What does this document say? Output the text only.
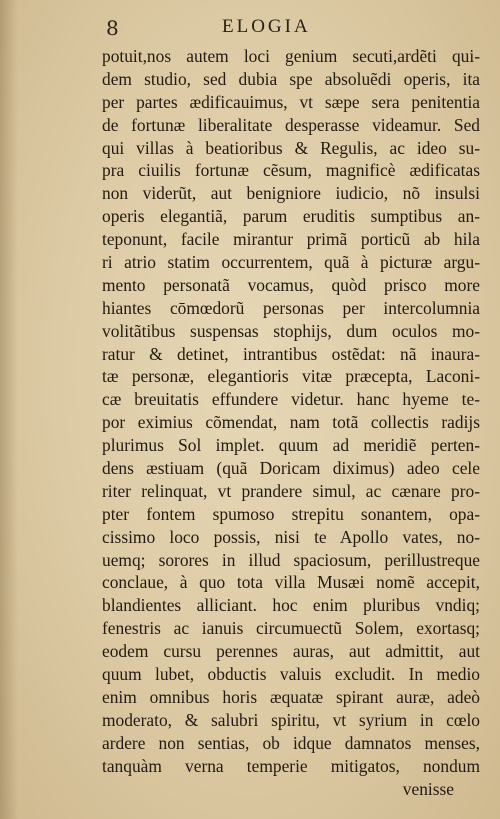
8	ELOGIA
potuit,nos autem loci genium secuti,ardẽti qui-
dem studio, sed dubia spe absoluẽdi operis, ita
per partes ædificauimus, vt sæpe sera penitentia
de fortunæ liberalitate desperasse videamur. Sed
qui villas à beatioribus & Regulis, ac ideo su-
pra ciuilis fortunæ cẽsum, magnificè ædificatas
non viderũt, aut benigniore iudicio, nõ insulsi
operis elegantiã, parum eruditis sumptibus an-
teponunt, facile mirantur primã porticũ ab hila
ri atrio statim occurrentem, quã à picturæ argu-
mento personatã vocamus, quòd prisco more
hiantes cōmœdorũ personas per intercolumnia
volitãtibus suspensas stophijs, dum oculos mo-
ratur & detinet, intrantibus ostẽdat: nã inaura-
tæ personæ, elegantioris vitæ præcepta, Laconi-
cæ breuitatis effundere videtur. hanc hyeme te-
por eximius cõmendat, nam totã collectis radijs
plurimus Sol implet. quum ad meridiẽ perten-
dens æstiuam (quã Doricam diximus) adeo cele
riter relinquat, vt prandere simul, ac cænare pro-
pter fontem spumoso strepitu sonantem, opa-
cissimo loco possis, nisi te Apollo vates, no-
uemq; sorores in illud spaciosum, perillustreque
conclaue, à quo tota villa Musæi nomẽ accepit,
blandientes alliciant. hoc enim pluribus vndiq;
fenestris ac ianuis circumuectũ Solem, exortasq;
eodem cursu perennes auras, aut admittit, aut
quum lubet, obductis valuis excludit. In medio
enim omnibus horis æquatæ spirant auræ, adeò
moderato, & salubri spiritu, vt syrium in cœlo
ardere non sentias, ob idque damnatos menses,
tanquàm verna temperie mitigatos, nondum
venisse
